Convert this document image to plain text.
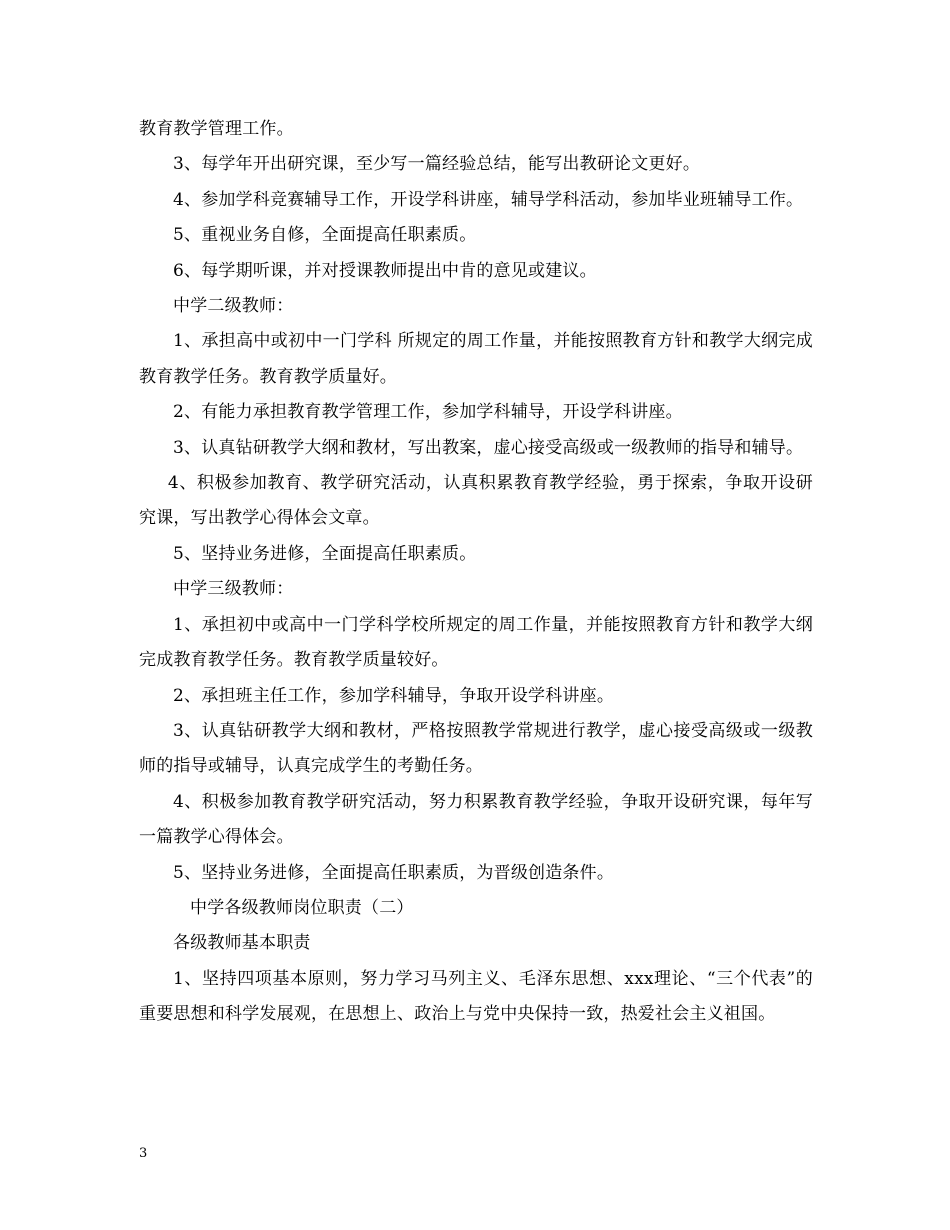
教育教学管理工作。

3、每学年开出研究课，至少写一篇经验总结，能写出教研论文更好。

4、参加学科竞赛辅导工作，开设学科讲座，辅导学科活动，参加毕业班辅导工作。

5、重视业务自修，全面提高任职素质。

6、每学期听课，并对授课教师提出中肯的意见或建议。

中学二级教师：

1、承担高中或初中一门学科 所规定的周工作量，并能按照教育方针和教学大纲完成教育教学任务。教育教学质量好。

2、有能力承担教育教学管理工作，参加学科辅导，开设学科讲座。

3、认真钻研教学大纲和教材，写出教案，虚心接受高级或一级教师的指导和辅导。

4、积极参加教育、教学研究活动，认真积累教育教学经验，勇于探索，争取开设研究课，写出教学心得体会文章。

5、坚持业务进修，全面提高任职素质。

中学三级教师：

1、承担初中或高中一门学科学校所规定的周工作量，并能按照教育方针和教学大纲完成教育教学任务。教育教学质量较好。

2、承担班主任工作，参加学科辅导，争取开设学科讲座。

3、认真钻研教学大纲和教材，严格按照教学常规进行教学，虚心接受高级或一级教师的指导或辅导，认真完成学生的考勤任务。

4、积极参加教育教学研究活动，努力积累教育教学经验，争取开设研究课，每年写一篇教学心得体会。

5、坚持业务进修，全面提高任职素质，为晋级创造条件。

中学各级教师岗位职责（二）

各级教师基本职责

1、坚持四项基本原则，努力学习马列主义、毛泽东思想、xxx理论、“三个代表”的重要思想和科学发展观，在思想上、政治上与党中央保持一致，热爱社会主义祖国。

3
